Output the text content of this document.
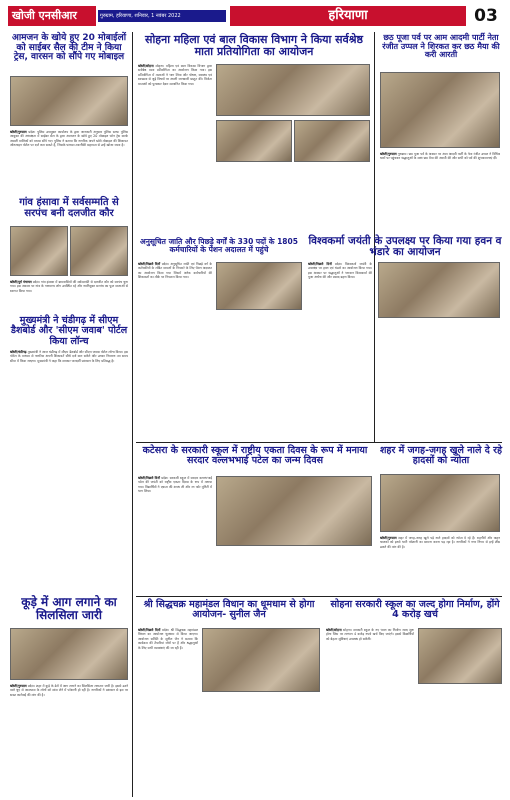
खोजी एनसीआर	गुरुग्राम, हरियाणा, शनिवार, 1 नवंबर 2022	हरियाणा	03
आमजन के खोये हुए 20 मोबाईलों को साईबर सैल की टीम ने किया ट्रेस, वारसन को सौंपे गए मोबाइल
खोजी/गुरुग्राम प्रदेश। पुलिस उपायुक्त कार्यालय के द्वारा जानकारी अनुसार पुलिस स्टाफ पुलिस आयुक्त की अध्यक्षता में साईबर सैल के द्वारा आमजन के खोये हुए 20 मोबाइल फोन ट्रेस करके असली मालिकों को वापस सौंपे गए। पुलिस ने बताया कि नागरिक अपने खोये मोबाइल की शिकायत ऑनलाइन पोर्टल पर दर्ज करा सकते हैं, जिसके पश्चात तकनीकी सहायता से उन्हें खोजा जाता है।
गांव हंसावा में सर्वसम्मति से सरपंच बनी दलजीत कौर
खोजी/पूर्व पंचायत प्रदेश। गांव हंसावा में ग्रामवासियों की सर्वसम्मति से दलजीत कौर को सरपंच चुना गया। इस अवसर पर गांव के गणमान्य लोग उपस्थित रहे और नवनियुक्त सरपंच का फूल मालाओं से स्वागत किया गया।
मुख्यमंत्री ने चंडीगढ़ में सीएम डैशबोर्ड और 'सीएम जवाब' पोर्टल किया लॉन्च
खोजी/चंडीगढ़ मुख्यमंत्री ने आज चंडीगढ़ में सीएम डैशबोर्ड और सीएम जवाब पोर्टल लॉन्च किया। इस पोर्टल के माध्यम से नागरिक अपनी शिकायतें सीधे दर्ज करा सकेंगे और उनका निवारण तय समय सीमा में किया जाएगा। मुख्यमंत्री ने कहा कि सरकार पारदर्शी प्रशासन के लिए प्रतिबद्ध है।
कूड़े में आग लगाने का सिलसिला जारी
खोजी/गुरुग्राम प्रदेश। शहर में कूड़े के ढेरों में आग लगाने का सिलसिला लगातार जारी है। इससे उठने वाले धुएं से आसपास के लोगों को सांस लेने में परेशानी हो रही है। नागरिकों ने प्रशासन से इस पर सख्त कार्रवाई की मांग की है।
सोहना महिला एवं बाल विकास विभाग ने किया सर्वश्रेष्ठ माता प्रतियोगिता का आयोजन
खोजी/सोहना सोहना। महिला एवं बाल विकास विभाग द्वारा सर्वश्रेष्ठ माता प्रतियोगिता का आयोजन किया गया। इस प्रतियोगिता में माताओं ने भाग लिया और पोषण, स्वास्थ्य एवं स्वच्छता से जुड़े विषयों पर अपनी जानकारी प्रस्तुत की। विजेता माताओं को पुरस्कार देकर सम्मानित किया गया।
अनुसूचित जाति और पिछड़े वर्गों के 330 पदों के 1805 कर्मचारियों के पेंशन अदालत में पहुंचे
खोजी/पिछले दिनों प्रदेश। अनुसूचित जाति एवं पिछड़े वर्ग के कर्मचारियों के लंबित मामलों के निपटारे के लिए पेंशन अदालत का आयोजन किया गया जिसमें अनेक कर्मचारियों की शिकायतों का मौके पर निपटारा किया गया।
छठ पूजा पर्व पर आम आदमी पार्टी नेता रंजीत उप्पल ने शिरकत कर छठ मैया की करी आरती
खोजी/गुरुग्राम गुरुग्राम। छठ पूजा पर्व के अवसर पर आम आदमी पार्टी के नेता रंजीत उप्पल ने विभिन्न घाटों पर पहुंचकर श्रद्धालुओं के साथ छठ मैया की आरती की और सभी को पर्व की शुभकामनाएं दीं।
विश्वकर्मा जयंती के उपलक्ष्य पर किया गया हवन व भंडारे का आयोजन
खोजी/पिछले दिनों प्रदेश। विश्वकर्मा जयंती के उपलक्ष्य पर हवन एवं भंडारे का आयोजन किया गया। इस अवसर पर श्रद्धालुओं ने भगवान विश्वकर्मा की पूजा अर्चना की और प्रसाद ग्रहण किया।
कटेसरा के सरकारी स्कूल में राष्ट्रीय एकता दिवस के रूप में मनाया सरदार वल्लभभाई पटेल का जन्म दिवस
खोजी/पिछले दिनों प्रदेश। सरकारी स्कूल में सरदार वल्लभभाई पटेल की जयंती को राष्ट्रीय एकता दिवस के रूप में मनाया गया। विद्यार्थियों ने एकता की शपथ ली और रन फॉर यूनिटी में भाग लिया।
शहर में जगह-जगह खुले नाले दे रहे हादसों को न्योता
खोजी/गुरुग्राम शहर में जगह-जगह खुले पड़े नाले हादसों को न्योता दे रहे हैं। राहगीरों और वाहन चालकों को इनसे भारी परेशानी का सामना करना पड़ रहा है। नागरिकों ने नगर निगम से इन्हें शीघ्र ढकने की मांग की है।
श्री सिद्धचक्र महामंडल विधान का धूमधाम से होगा आयोजन- सुनील जैन
खोजी/पिछले दिनों प्रदेश। श्री सिद्धचक्र महामंडल विधान का आयोजन धूमधाम से किया जाएगा। आयोजन समिति के सुनील जैन ने बताया कि कार्यक्रम की तैयारियां जोरों पर हैं और श्रद्धालुओं के लिए सभी व्यवस्थाएं की जा रही हैं।
सोहना सरकारी स्कूल का जल्द होगा निर्माण, होंगे 4 करोड़ खर्च
खोजी/सोहना सोहना। सरकारी स्कूल के नए भवन का निर्माण जल्द शुरू होगा जिस पर लगभग 4 करोड़ रुपये खर्च किए जाएंगे। इससे विद्यार्थियों को बेहतर सुविधाएं उपलब्ध हो सकेंगी।
